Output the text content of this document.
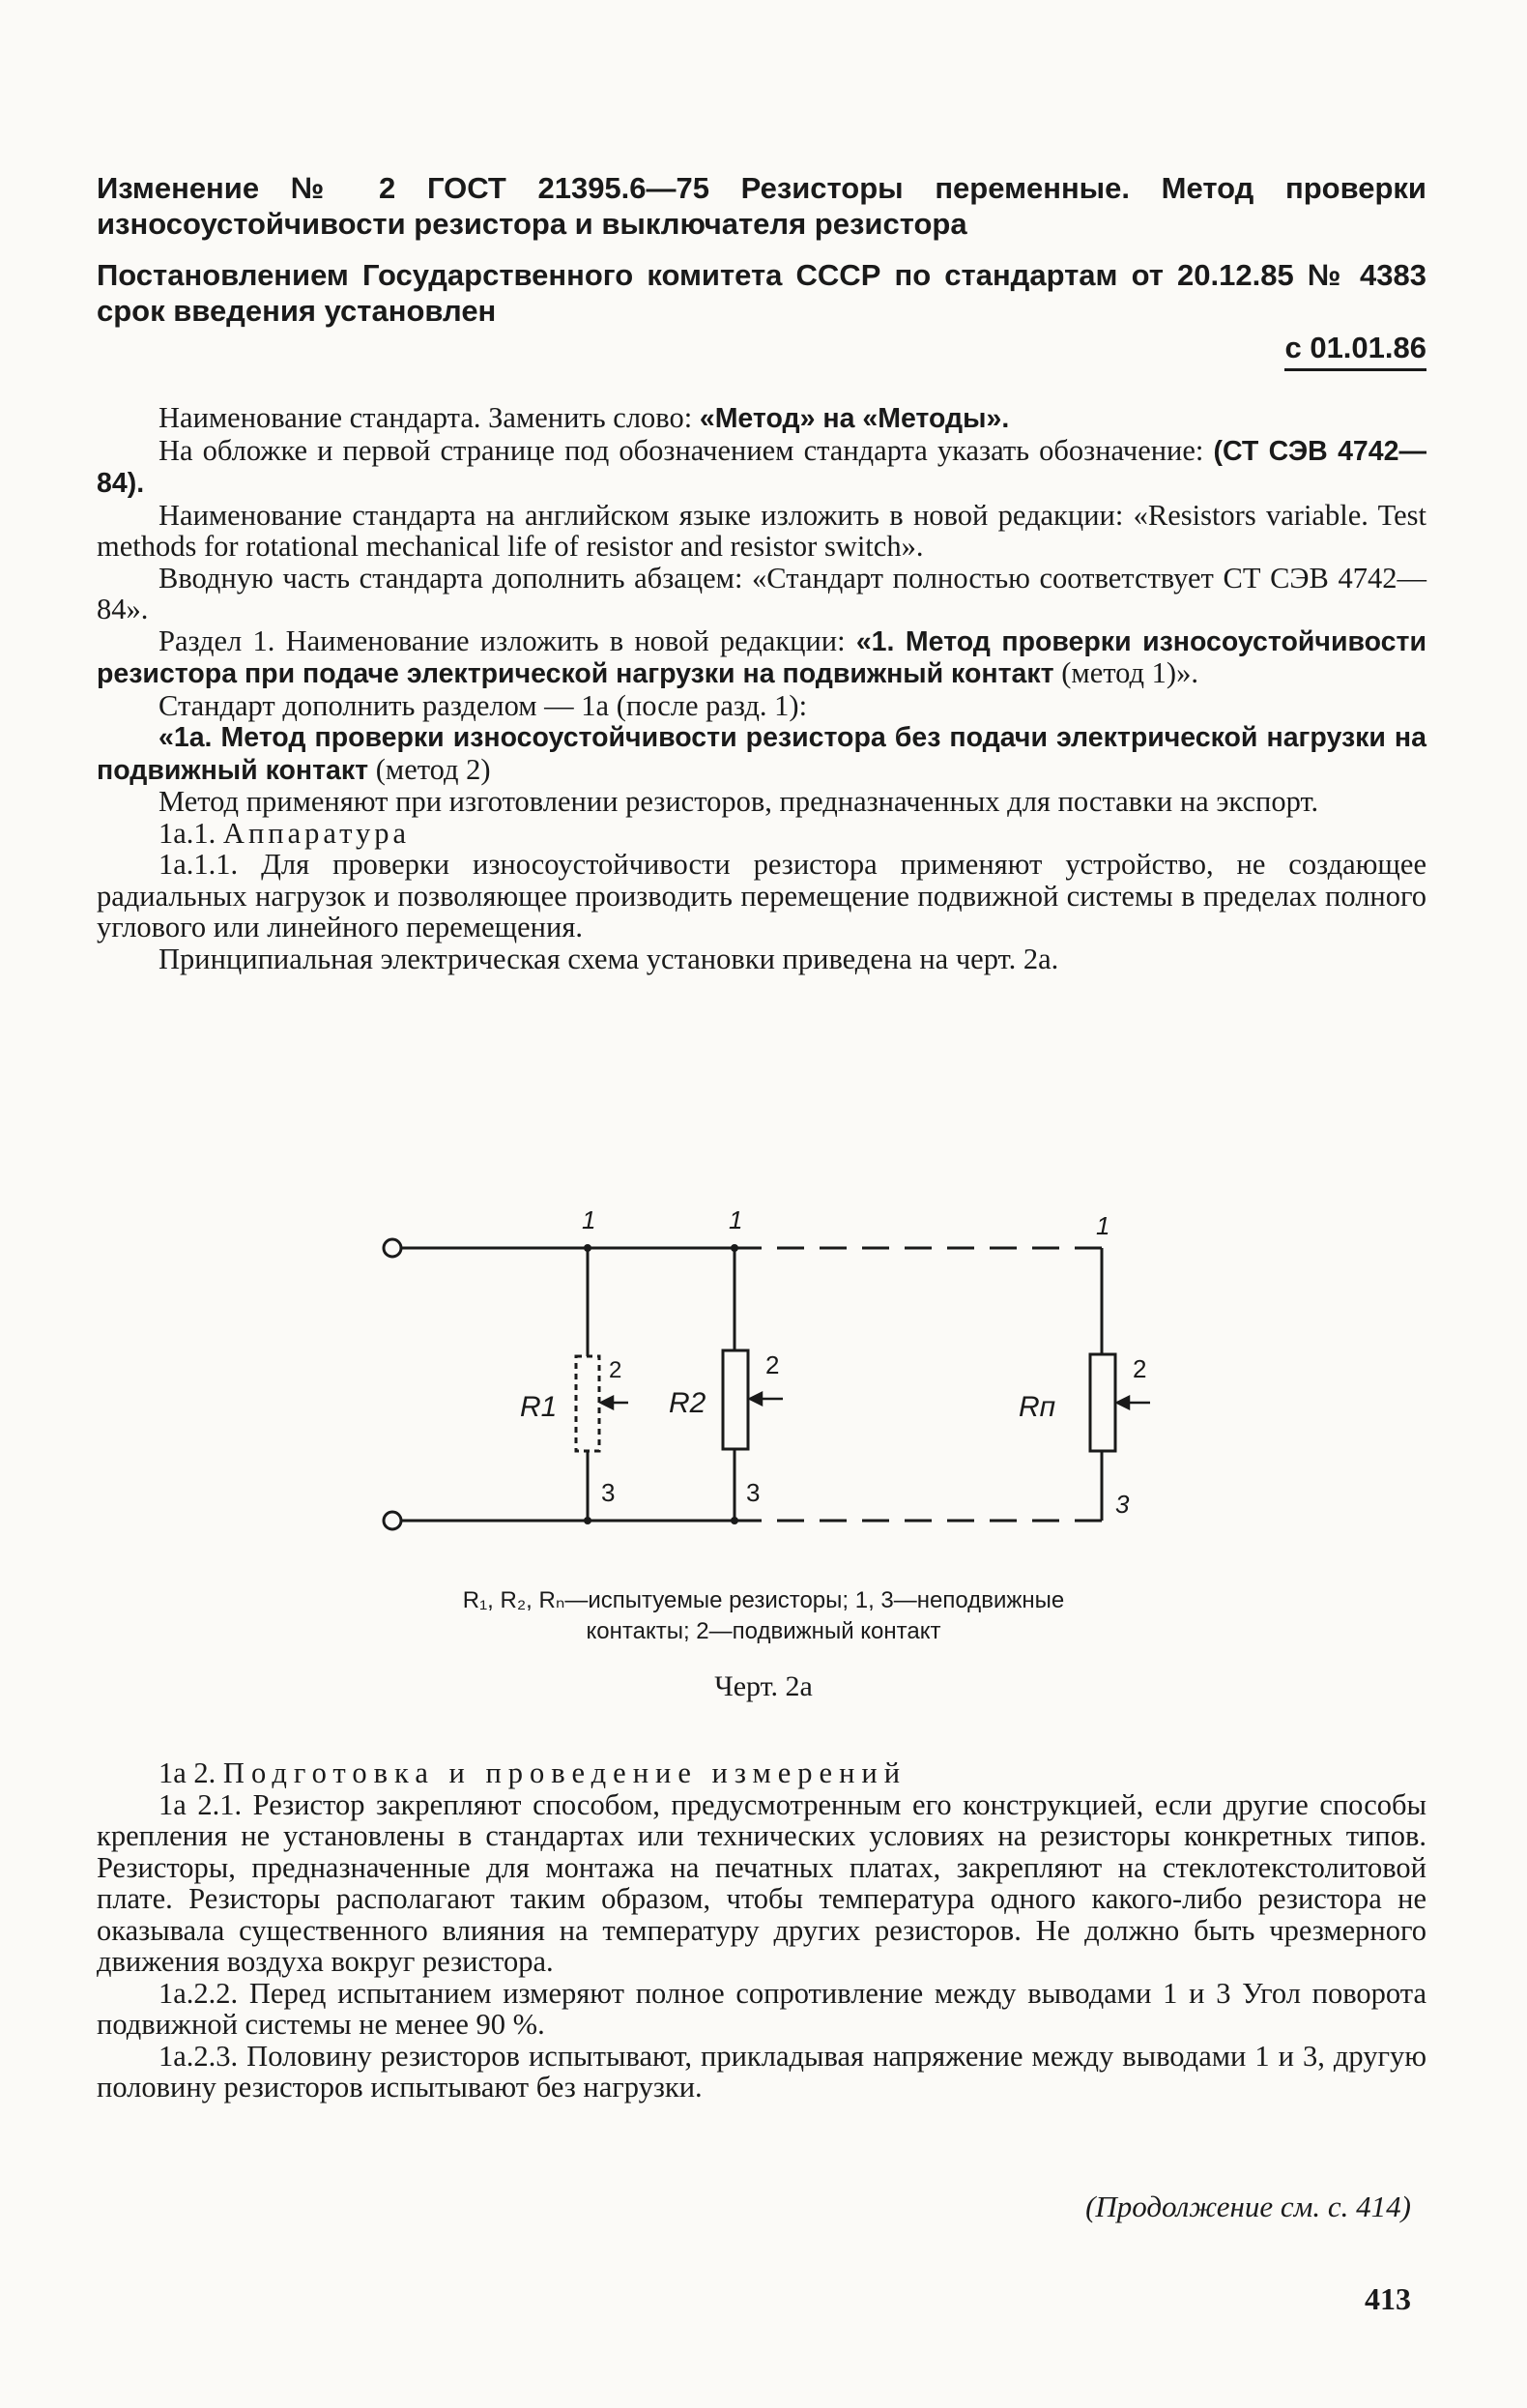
Изменение № 2 ГОСТ 21395.6—75 Резисторы переменные. Метод проверки износоустойчивости резистора и выключателя резистора

Постановлением Государственного комитета СССР по стандартам от 20.12.85 № 4383 срок введения установлен

с 01.01.86

Наименование стандарта. Заменить слово: «Метод» на «Методы».

На обложке и первой странице под обозначением стандарта указать обозначение: (СТ СЭВ 4742—84).

Наименование стандарта на английском языке изложить в новой редакции: «Resistors variable. Test methods for rotational mechanical life of resistor and resistor switch».

Вводную часть стандарта дополнить абзацем: «Стандарт полностью соответствует СТ СЭВ 4742—84».

Раздел 1. Наименование изложить в новой редакции: «1. Метод проверки износоустойчивости резистора при подаче электрической нагрузки на подвижный контакт (метод 1)».

Стандарт дополнить разделом — 1а (после разд. 1):

«1а. Метод проверки износоустойчивости резистора без подачи электрической нагрузки на подвижный контакт (метод 2)

Метод применяют при изготовлении резисторов, предназначенных для поставки на экспорт.

1а.1. Аппаратура

1а.1.1. Для проверки износоустойчивости резистора применяют устройство, не создающее радиальных нагрузок и позволяющее производить перемещение подвижной системы в пределах полного углового или линейного перемещения.

Принципиальная электрическая схема установки приведена на черт. 2а.

R1	R2	Rп
1	1	1
2	2	2
3	3	3
R₁, R₂, Rₙ—испытуемые резисторы; 1, 3—неподвижные
контакты; 2—подвижный контакт
Черт. 2а

1а 2. Подготовка и проведение измерений

1а 2.1. Резистор закрепляют способом, предусмотренным его конструкцией, если другие способы крепления не установлены в стандартах или технических условиях на резисторы конкретных типов. Резисторы, предназначенные для монтажа на печатных платах, закрепляют на стеклотекстолитовой плате. Резисторы располагают таким образом, чтобы температура одного какого-либо резистора не оказывала существенного влияния на температуру других резисторов. Не должно быть чрезмерного движения воздуха вокруг резистора.

1а.2.2. Перед испытанием измеряют полное сопротивление между выводами 1 и 3 Угол поворота подвижной системы не менее 90 %.

1а.2.3. Половину резисторов испытывают, прикладывая напряжение между выводами 1 и 3, другую половину резисторов испытывают без нагрузки.

(Продолжение см. с. 414)
413
